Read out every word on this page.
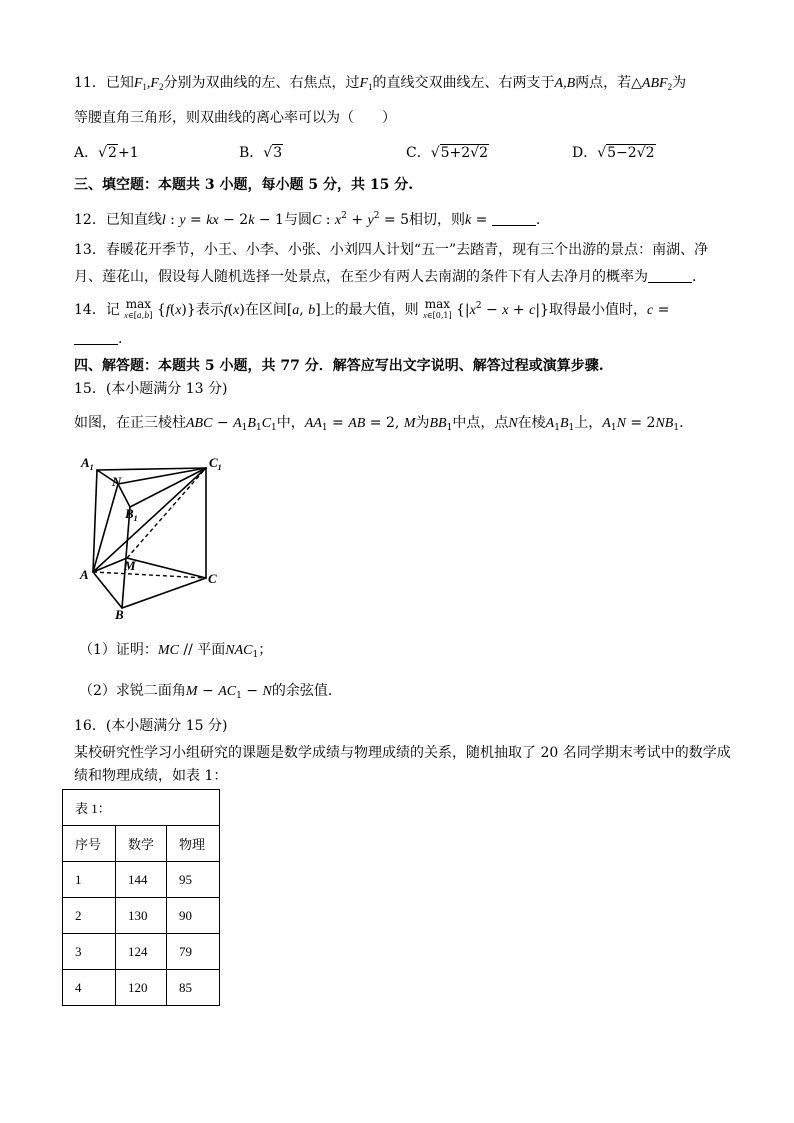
11．已知$F_1,F_2$分别为双曲线的左、右焦点，过$F_1$的直线交双曲线左、右两支于A,B两点，若$\triangle ABF_2$为
等腰直角三角形，则双曲线的离心率可以为（　　）
A．√2+1	B．√3	C．√5+2√2	D．√5−2√2
三、填空题：本题共 3 小题，每小题 5 分，共 15 分.
12．已知直线l : y = kx − 2k − 1与圆C : $x^2 + y^2 = 5$相切，则k =	.
13．春暖花开季节，小王、小李、小张、小刘四人计划“五一”去踏青，现有三个出游的景点：南湖、净
月、莲花山，假设每人随机选择一处景点，在至少有两人去南湖的条件下有人去净月的概率为	.
14．记 max
x∈[a,b] {f(x)}表示f(x)在区间[a, b]上的最大值，则 max
x∈[0,1] $\{|x^2 - x + c|\}$取得最小值时，c =
.
四、解答题：本题共 5 小题，共 77 分．解答应写出文字说明、解答过程或演算步骤.
15．(本小题满分 13 分)
如图，在正三棱柱ABC − $A_1B_1C_1$中，$AA_1$ = AB = 2, M为$BB_1$中点，点N在棱$A_1B_1$上，$A_1N = 2NB_1$.
$A_1$	$C_1$
N
$B_1$
M
A	C
B
（1）证明：MC // 平面$NAC_1$；
（2）求锐二面角$M - AC_1 - N$的余弦值.
16．(本小题满分 15 分)
某校研究性学习小组研究的课题是数学成绩与物理成绩的关系，随机抽取了 20 名同学期末考试中的数学成
绩和物理成绩，如表 1：
表 1：		
序号	数学	物理
1	144	95
2	130	90
3	124	79
4	120	85
